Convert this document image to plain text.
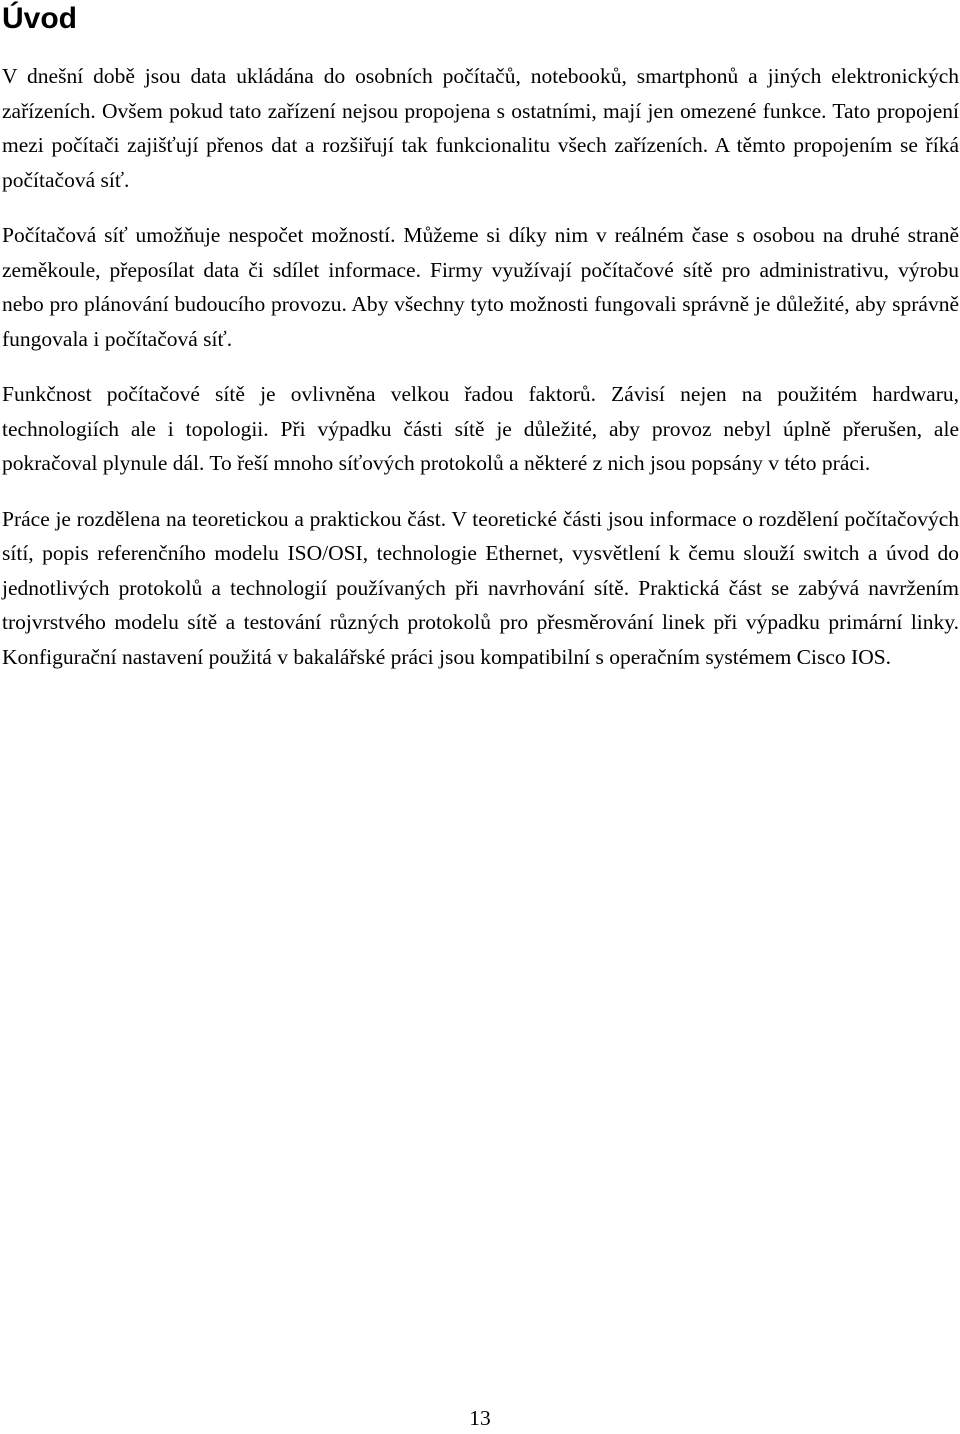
Úvod

V dnešní době jsou data ukládána do osobních počítačů, notebooků, smartphonů a jiných elektronických zařízeních. Ovšem pokud tato zařízení nejsou propojena s ostatními, mají jen omezené funkce. Tato propojení mezi počítači zajišťují přenos dat a rozšiřují tak funkcionalitu všech zařízeních. A těmto propojením se říká počítačová síť.

Počítačová síť umožňuje nespočet možností. Můžeme si díky nim v reálném čase s osobou na druhé straně zeměkoule, přeposílat data či sdílet informace. Firmy využívají počítačové sítě pro administrativu, výrobu nebo pro plánování budoucího provozu. Aby všechny tyto možnosti fungovali správně je důležité, aby správně fungovala i počítačová síť.

Funkčnost počítačové sítě je ovlivněna velkou řadou faktorů. Závisí nejen na použitém hardwaru, technologiích ale i topologii. Při výpadku části sítě je důležité, aby provoz nebyl úplně přerušen, ale pokračoval plynule dál. To řeší mnoho síťových protokolů a některé z nich jsou popsány v této práci.

Práce je rozdělena na teoretickou a praktickou část. V teoretické části jsou informace o rozdělení počítačových sítí, popis referenčního modelu ISO/OSI, technologie Ethernet, vysvětlení k čemu slouží switch a úvod do jednotlivých protokolů a technologií používaných při navrhování sítě. Praktická část se zabývá navržením trojvrstvého modelu sítě a testování různých protokolů pro přesměrování linek při výpadku primární linky. Konfigurační nastavení použitá v bakalářské práci jsou kompatibilní s operačním systémem Cisco IOS.

13
